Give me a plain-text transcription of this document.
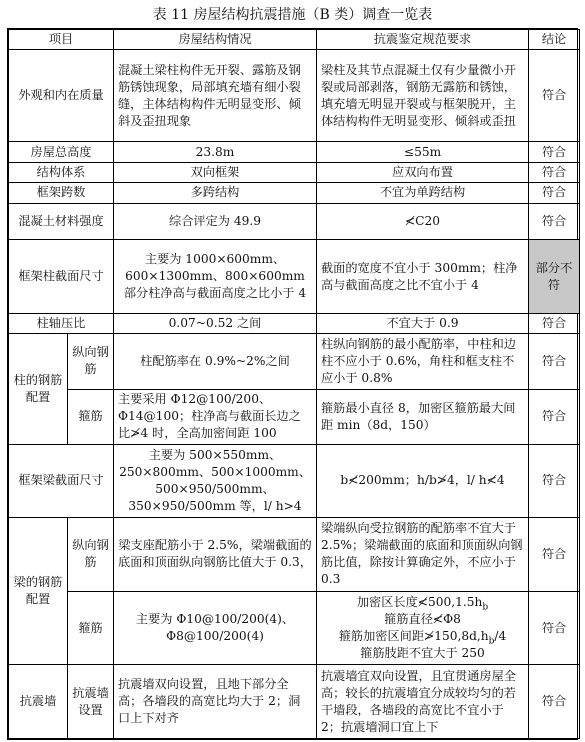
表 11 房屋结构抗震措施（B 类）调查一览表
项目		房屋结构情况	抗震鉴定规范要求	结论
外观和内在质量		混凝土梁柱构件无开裂、露筋及钢筋锈蚀现象，局部填充墙有细小裂缝，主体结构构件无明显变形、倾斜及歪扭现象	梁柱及其节点混凝土仅有少量微小开裂或局部剥落，钢筋无露筋和锈蚀，填充墙无明显开裂或与框架脱开，主体结构构件无明显变形、倾斜或歪扭	符合
房屋总高度		23.8m	≤55m	符合
结构体系		双向框架	应双向布置	符合
框架跨数		多跨结构	不宜为单跨结构	符合
混凝土材料强度		综合评定为 49.9	≮C20	符合
框架柱截面尺寸		主要为 1000×600mm、600×1300mm、800×600mm 部分柱净高与截面高度之比小于 4	截面的宽度不宜小于 300mm；柱净高与截面高度之比不宜小于 4	部分不符
柱轴压比		0.07~0.52 之间	不宜大于 0.9	符合
柱的钢筋配置	纵向钢筋	柱配筋率在 0.9%~2%之间	柱纵向钢筋的最小配筋率，中柱和边柱不应小于 0.6%，角柱和框支柱不应小于 0.8%	符合
	箍筋	主要采用 Φ12@100/200、Φ14@100；柱净高与截面长边之比≯4 时，全高加密间距 100	箍筋最小直径 8，加密区箍筋最大间距 min（8d，150）	符合
框架梁截面尺寸		主要为 500×550mm、250×800mm、500×1000mm、500×950/500mm、350×950/500mm 等，l/ h>4	b≮200mm；h/b≯4，l/ h≮4	符合
梁的钢筋配置	纵向钢筋	梁支座配筋小于 2.5%，梁端截面的底面和顶面纵向钢筋比值大于 0.3，	梁端纵向受拉钢筋的配筋率不宜大于 2.5%；梁端截面的底面和顶面纵向钢筋比值，除按计算确定外，不应小于 0.3	符合
	箍筋	主要为 Φ10@100/200(4)、Φ8@100/200(4)	加密区长度$≮500,1.5h_b$
箍筋直径≮Φ8
箍筋加密区间距$≯150,8d,h_b/4$
箍筋肢距不宜大于 250	符合
抗震墙	抗震墙设置	抗震墙双向设置，且地下部分全高；各墙段的高宽比均大于 2；洞口上下对齐	抗震墙宜双向设置，且宜贯通房屋全高；较长的抗震墙宜分成较均匀的若干墙段，各墙段的高宽比不宜小于 2；抗震墙洞口宜上下	符合
